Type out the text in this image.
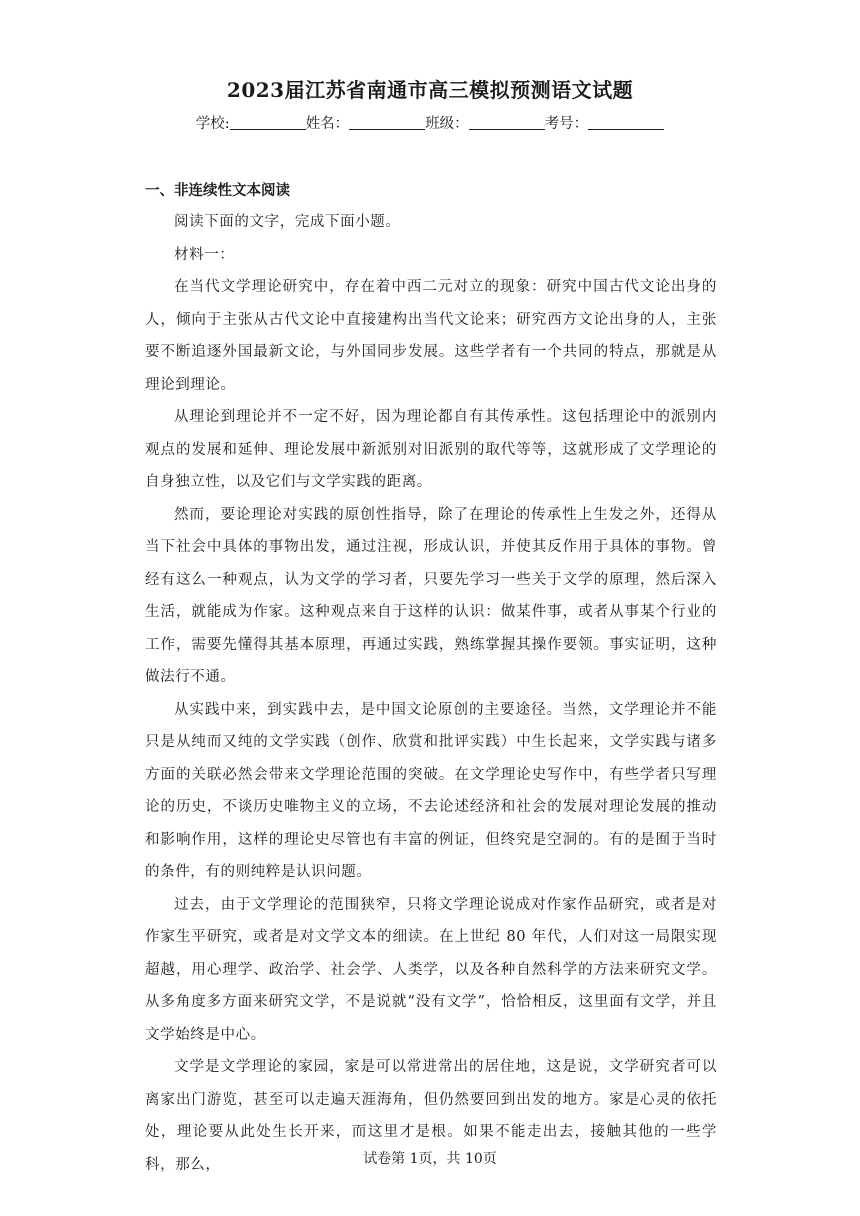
2023届江苏省南通市高三模拟预测语文试题
学校:	姓名：	班级：	考号：
一、非连续性文本阅读

阅读下面的文字，完成下面小题。

材料一：

在当代文学理论研究中，存在着中西二元对立的现象：研究中国古代文论出身的人，倾向于主张从古代文论中直接建构出当代文论来；研究西方文论出身的人，主张要不断追逐外国最新文论，与外国同步发展。这些学者有一个共同的特点，那就是从理论到理论。

从理论到理论并不一定不好，因为理论都自有其传承性。这包括理论中的派别内观点的发展和延伸、理论发展中新派别对旧派别的取代等等，这就形成了文学理论的自身独立性，以及它们与文学实践的距离。

然而，要论理论对实践的原创性指导，除了在理论的传承性上生发之外，还得从当下社会中具体的事物出发，通过注视，形成认识，并使其反作用于具体的事物。曾经有这么一种观点，认为文学的学习者，只要先学习一些关于文学的原理，然后深入生活，就能成为作家。这种观点来自于这样的认识：做某件事，或者从事某个行业的工作，需要先懂得其基本原理，再通过实践，熟练掌握其操作要领。事实证明，这种做法行不通。

从实践中来，到实践中去，是中国文论原创的主要途径。当然，文学理论并不能只是从纯而又纯的文学实践（创作、欣赏和批评实践）中生长起来，文学实践与诸多方面的关联必然会带来文学理论范围的突破。在文学理论史写作中，有些学者只写理论的历史，不谈历史唯物主义的立场，不去论述经济和社会的发展对理论发展的推动和影响作用，这样的理论史尽管也有丰富的例证，但终究是空洞的。有的是囿于当时的条件，有的则纯粹是认识问题。

过去，由于文学理论的范围狭窄，只将文学理论说成对作家作品研究，或者是对作家生平研究，或者是对文学文本的细读。在上世纪 80 年代，人们对这一局限实现超越，用心理学、政治学、社会学、人类学，以及各种自然科学的方法来研究文学。从多角度多方面来研究文学，不是说就“没有文学”，恰恰相反，这里面有文学，并且文学始终是中心。

文学是文学理论的家园，家是可以常进常出的居住地，这是说，文学研究者可以离家出门游览，甚至可以走遍天涯海角，但仍然要回到出发的地方。家是心灵的依托处，理论要从此处生长开来，而这里才是根。如果不能走出去，接触其他的一些学科，那么，	试卷第 1页，共 10页
